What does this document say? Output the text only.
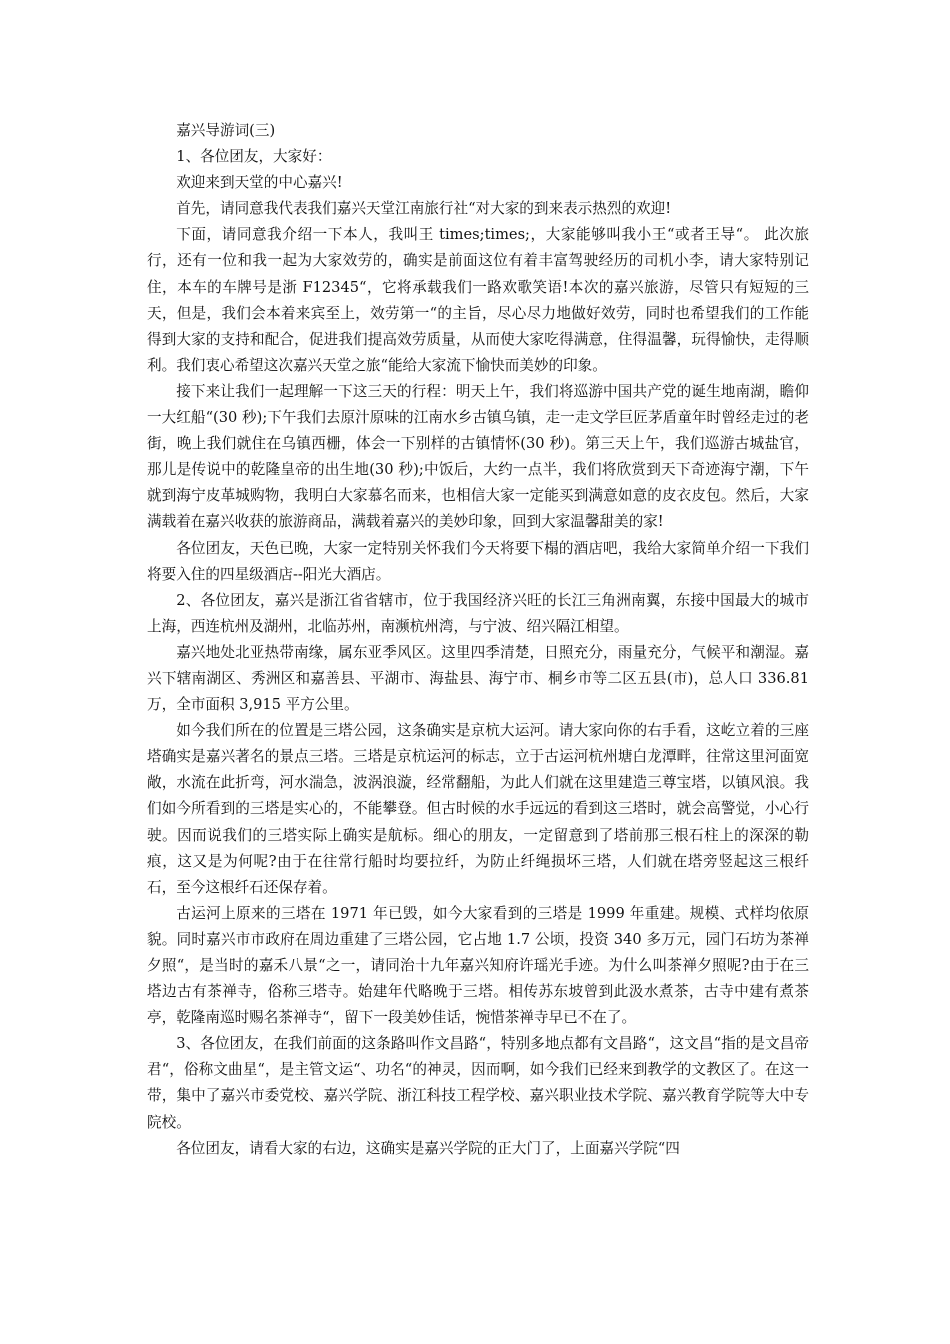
嘉兴导游词(三)

1、各位团友，大家好：

欢迎来到天堂的中心嘉兴!

首先，请同意我代表我们嘉兴天堂江南旅行社“对大家的到来表示热烈的欢迎!

下面，请同意我介绍一下本人，我叫王 times;times;，大家能够叫我小王“或者王导“。 此次旅行，还有一位和我一起为大家效劳的，确实是前面这位有着丰富驾驶经历的司机小李，请大家特别记住，本车的车牌号是浙 F12345“，它将承载我们一路欢歌笑语!本次的嘉兴旅游，尽管只有短短的三天，但是，我们会本着来宾至上，效劳第一“的主旨，尽心尽力地做好效劳，同时也希望我们的工作能得到大家的支持和配合，促进我们提高效劳质量，从而使大家吃得满意，住得温馨，玩得愉快，走得顺利。我们衷心希望这次嘉兴天堂之旅“能给大家流下愉快而美妙的印象。

接下来让我们一起理解一下这三天的行程：明天上午，我们将巡游中国共产党的诞生地南湖，瞻仰一大红船“(30 秒);下午我们去原汁原味的江南水乡古镇乌镇，走一走文学巨匠茅盾童年时曾经走过的老街，晚上我们就住在乌镇西栅，体会一下别样的古镇情怀(30 秒)。第三天上午，我们巡游古城盐官，那儿是传说中的乾隆皇帝的出生地(30 秒);中饭后，大约一点半，我们将欣赏到天下奇迹海宁潮，下午就到海宁皮革城购物，我明白大家慕名而来，也相信大家一定能买到满意如意的皮衣皮包。然后，大家满载着在嘉兴收获的旅游商品，满载着嘉兴的美妙印象，回到大家温馨甜美的家!

各位团友，天色已晚，大家一定特别关怀我们今天将要下榻的酒店吧，我给大家简单介绍一下我们将要入住的四星级酒店--阳光大酒店。

2、各位团友，嘉兴是浙江省省辖市，位于我国经济兴旺的长江三角洲南翼，东接中国最大的城市上海，西连杭州及湖州，北临苏州，南濒杭州湾，与宁波、绍兴隔江相望。

嘉兴地处北亚热带南缘，属东亚季风区。这里四季清楚，日照充分，雨量充分，气候平和潮湿。嘉兴下辖南湖区、秀洲区和嘉善县、平湖市、海盐县、海宁市、桐乡市等二区五县(市)，总人口 336.81 万，全市面积 3,915 平方公里。

如今我们所在的位置是三塔公园，这条确实是京杭大运河。请大家向你的右手看，这屹立着的三座塔确实是嘉兴著名的景点三塔。三塔是京杭运河的标志，立于古运河杭州塘白龙潭畔，往常这里河面宽敞，水流在此折弯，河水湍急，波涡浪漩，经常翻船，为此人们就在这里建造三尊宝塔，以镇风浪。我们如今所看到的三塔是实心的，不能攀登。但古时候的水手远远的看到这三塔时，就会高警觉，小心行驶。因而说我们的三塔实际上确实是航标。细心的朋友，一定留意到了塔前那三根石柱上的深深的勒痕，这又是为何呢?由于在往常行船时均要拉纤，为防止纤绳损坏三塔，人们就在塔旁竖起这三根纤石，至今这根纤石还保存着。

古运河上原来的三塔在 1971 年已毁，如今大家看到的三塔是 1999 年重建。规模、式样均依原貌。同时嘉兴市市政府在周边重建了三塔公园，它占地 1.7 公顷，投资 340 多万元，园门石坊为茶禅夕照“，是当时的嘉禾八景“之一，请同治十九年嘉兴知府许瑶光手迹。为什么叫茶禅夕照呢?由于在三塔边古有茶禅寺，俗称三塔寺。始建年代略晚于三塔。相传苏东坡曾到此汲水煮茶，古寺中建有煮茶亭，乾隆南巡时赐名茶禅寺“，留下一段美妙佳话，惋惜茶禅寺早已不在了。

3、各位团友，在我们前面的这条路叫作文昌路“，特别多地点都有文昌路“，这文昌“指的是文昌帝君“，俗称文曲星“，是主管文运“、功名“的神灵，因而啊，如今我们已经来到教学的文教区了。在这一带，集中了嘉兴市委党校、嘉兴学院、浙江科技工程学校、嘉兴职业技术学院、嘉兴教育学院等大中专院校。

各位团友，请看大家的右边，这确实是嘉兴学院的正大门了，上面嘉兴学院“四
